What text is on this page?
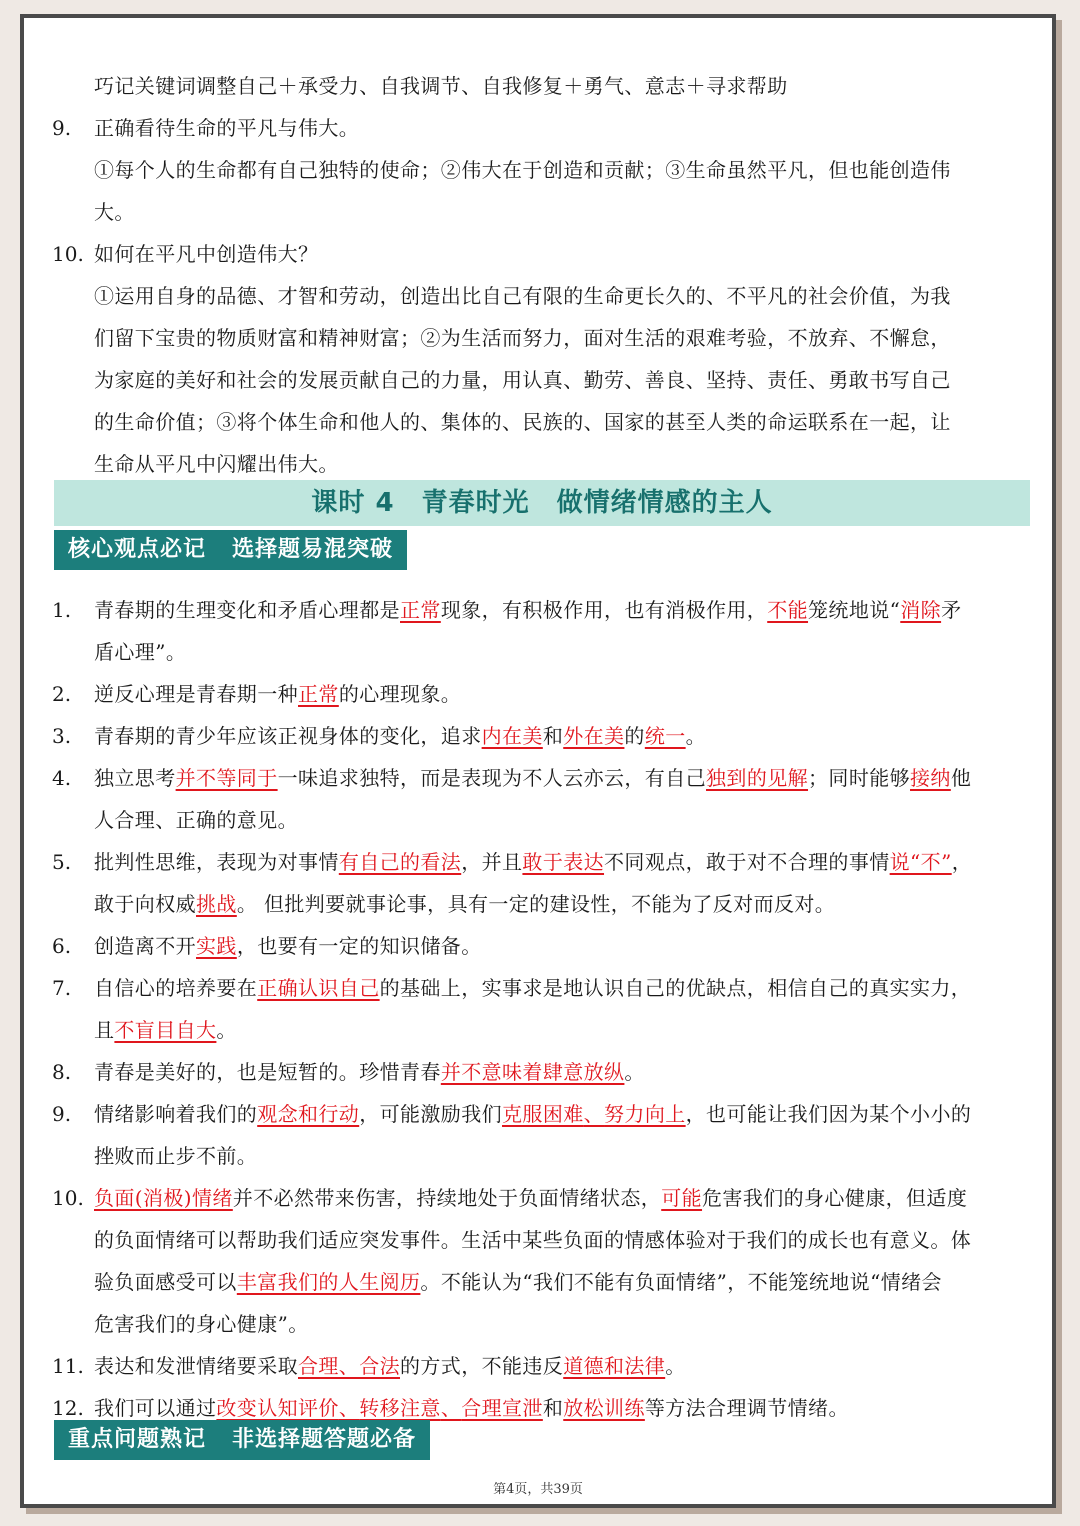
巧记关键词调整自己＋承受力、自我调节、自我修复＋勇气、意志＋寻求帮助
9. 正确看待生命的平凡与伟大。
①每个人的生命都有自己独特的使命；②伟大在于创造和贡献；③生命虽然平凡，但也能创造伟
大。
10. 如何在平凡中创造伟大？
①运用自身的品德、才智和劳动，创造出比自己有限的生命更长久的、不平凡的社会价值，为我
们留下宝贵的物质财富和精神财富；②为生活而努力，面对生活的艰难考验，不放弃、不懈怠，
为家庭的美好和社会的发展贡献自己的力量，用认真、勤劳、善良、坚持、责任、勇敢书写自己
的生命价值；③将个体生命和他人的、集体的、民族的、国家的甚至人类的命运联系在一起，让
生命从平凡中闪耀出伟大。
课时 4　青春时光　做情绪情感的主人
核心观点必记 选择题易混突破
1. 青春期的生理变化和矛盾心理都是正常现象，有积极作用，也有消极作用，不能笼统地说“消除矛
盾心理”。
2. 逆反心理是青春期一种正常的心理现象。
3. 青春期的青少年应该正视身体的变化，追求内在美和外在美的统一。
4. 独立思考并不等同于一味追求独特，而是表现为不人云亦云，有自己独到的见解；同时能够接纳他
人合理、正确的意见。
5. 批判性思维，表现为对事情有自己的看法，并且敢于表达不同观点，敢于对不合理的事情说“不”，
敢于向权威挑战。 但批判要就事论事，具有一定的建设性，不能为了反对而反对。
6. 创造离不开实践，也要有一定的知识储备。
7. 自信心的培养要在正确认识自己的基础上，实事求是地认识自己的优缺点，相信自己的真实实力，
且不盲目自大。
8. 青春是美好的，也是短暂的。珍惜青春并不意味着肆意放纵。
9. 情绪影响着我们的观念和行动，可能激励我们克服困难、努力向上，也可能让我们因为某个小小的
挫败而止步不前。
10. 负面(消极)情绪并不必然带来伤害，持续地处于负面情绪状态，可能危害我们的身心健康，但适度
的负面情绪可以帮助我们适应突发事件。生活中某些负面的情感体验对于我们的成长也有意义。体
验负面感受可以丰富我们的人生阅历。不能认为“我们不能有负面情绪”，不能笼统地说“情绪会
危害我们的身心健康”。
11. 表达和发泄情绪要采取合理、合法的方式，不能违反道德和法律。
12. 我们可以通过改变认知评价、转移注意、合理宣泄和放松训练等方法合理调节情绪。
重点问题熟记 非选择题答题必备
第4页，共39页
